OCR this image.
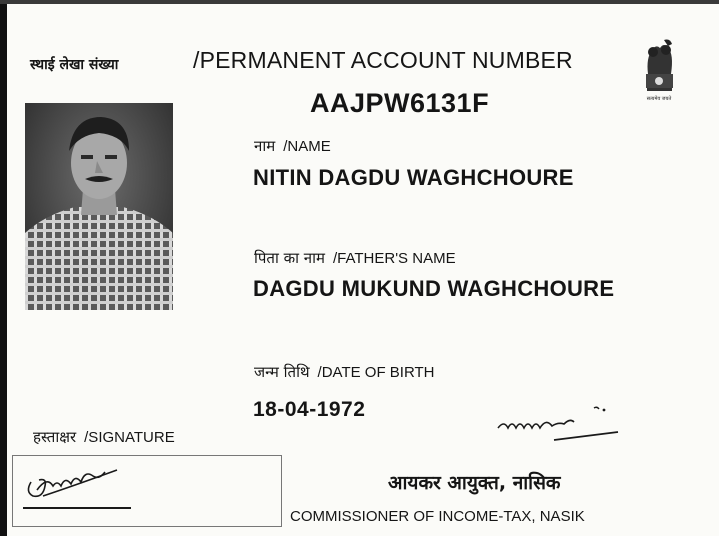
स्थाई लेखा संख्या	/PERMANENT ACCOUNT NUMBER
AAJPW6131F	सत्यमेव जयते
नाम /NAME
NITIN DAGDU WAGHCHOURE
पिता का नाम /FATHER'S NAME
DAGDU MUKUND WAGHCHOURE
जन्म तिथि /DATE OF BIRTH
18-04-1972
हस्ताक्षर /SIGNATURE
आयकर आयुक्त, नासिक
COMMISSIONER OF INCOME-TAX, NASIK
